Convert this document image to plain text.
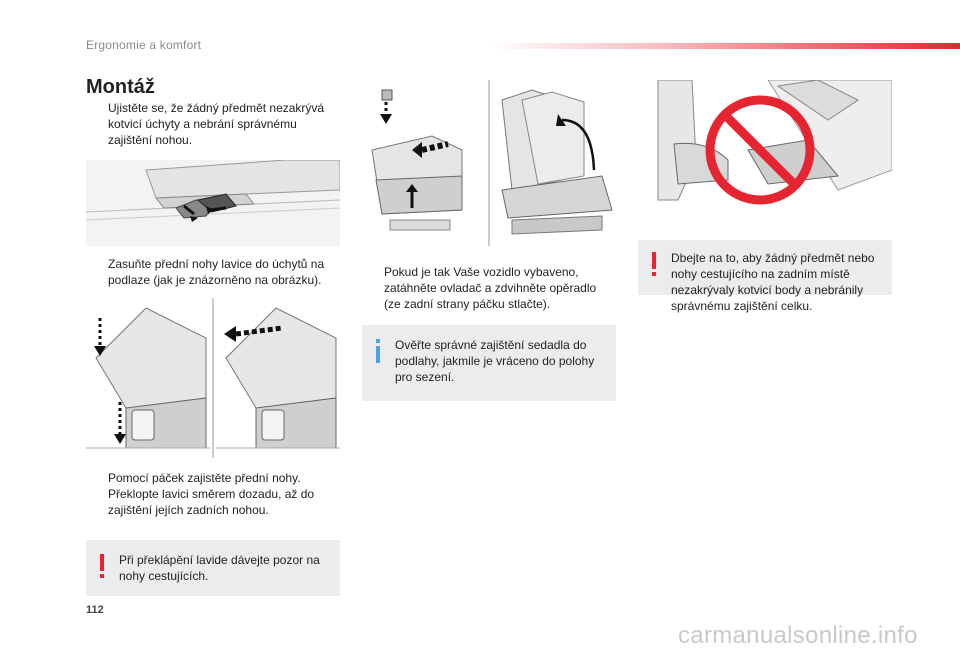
Ergonomie a komfort
Montáž
Ujistěte se, že žádný předmět nezakrývá kotvicí úchyty a nebrání správnému zajištění nohou.
Zasuňte přední nohy lavice do úchytů na podlaze (jak je znázorněno na obrázku).
Pomocí páček zajistěte přední nohy.
Překlopte lavici směrem dozadu, až do zajištění jejích zadních nohou.
Při překlápění lavide dávejte pozor na nohy cestujících.
Pokud je tak Vaše vozidlo vybaveno, zatáhněte ovladač a zdvihněte opěradlo (ze zadní strany páčku stlačte).
Ověřte správné zajištění sedadla do podlahy, jakmile je vráceno do polohy pro sezení.
Dbejte na to, aby žádný předmět nebo nohy cestujícího na zadním místě nezakrývaly kotvicí body a nebránily správnému zajištění celku.
112
carmanualsonline.info
